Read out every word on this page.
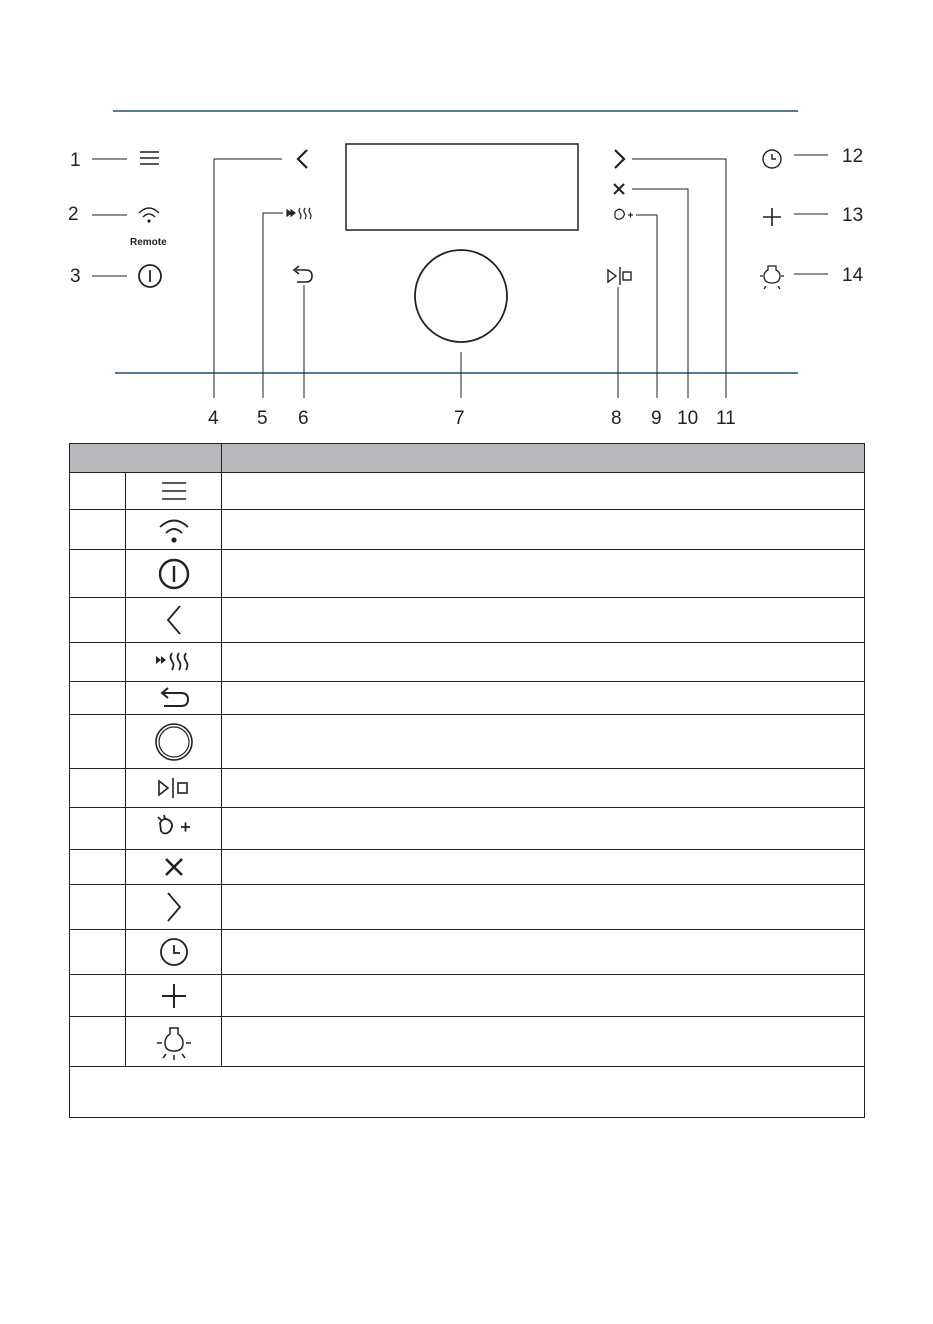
1
2
Remote
3
4 5 6	7	8 9 10 11
12
13
14
